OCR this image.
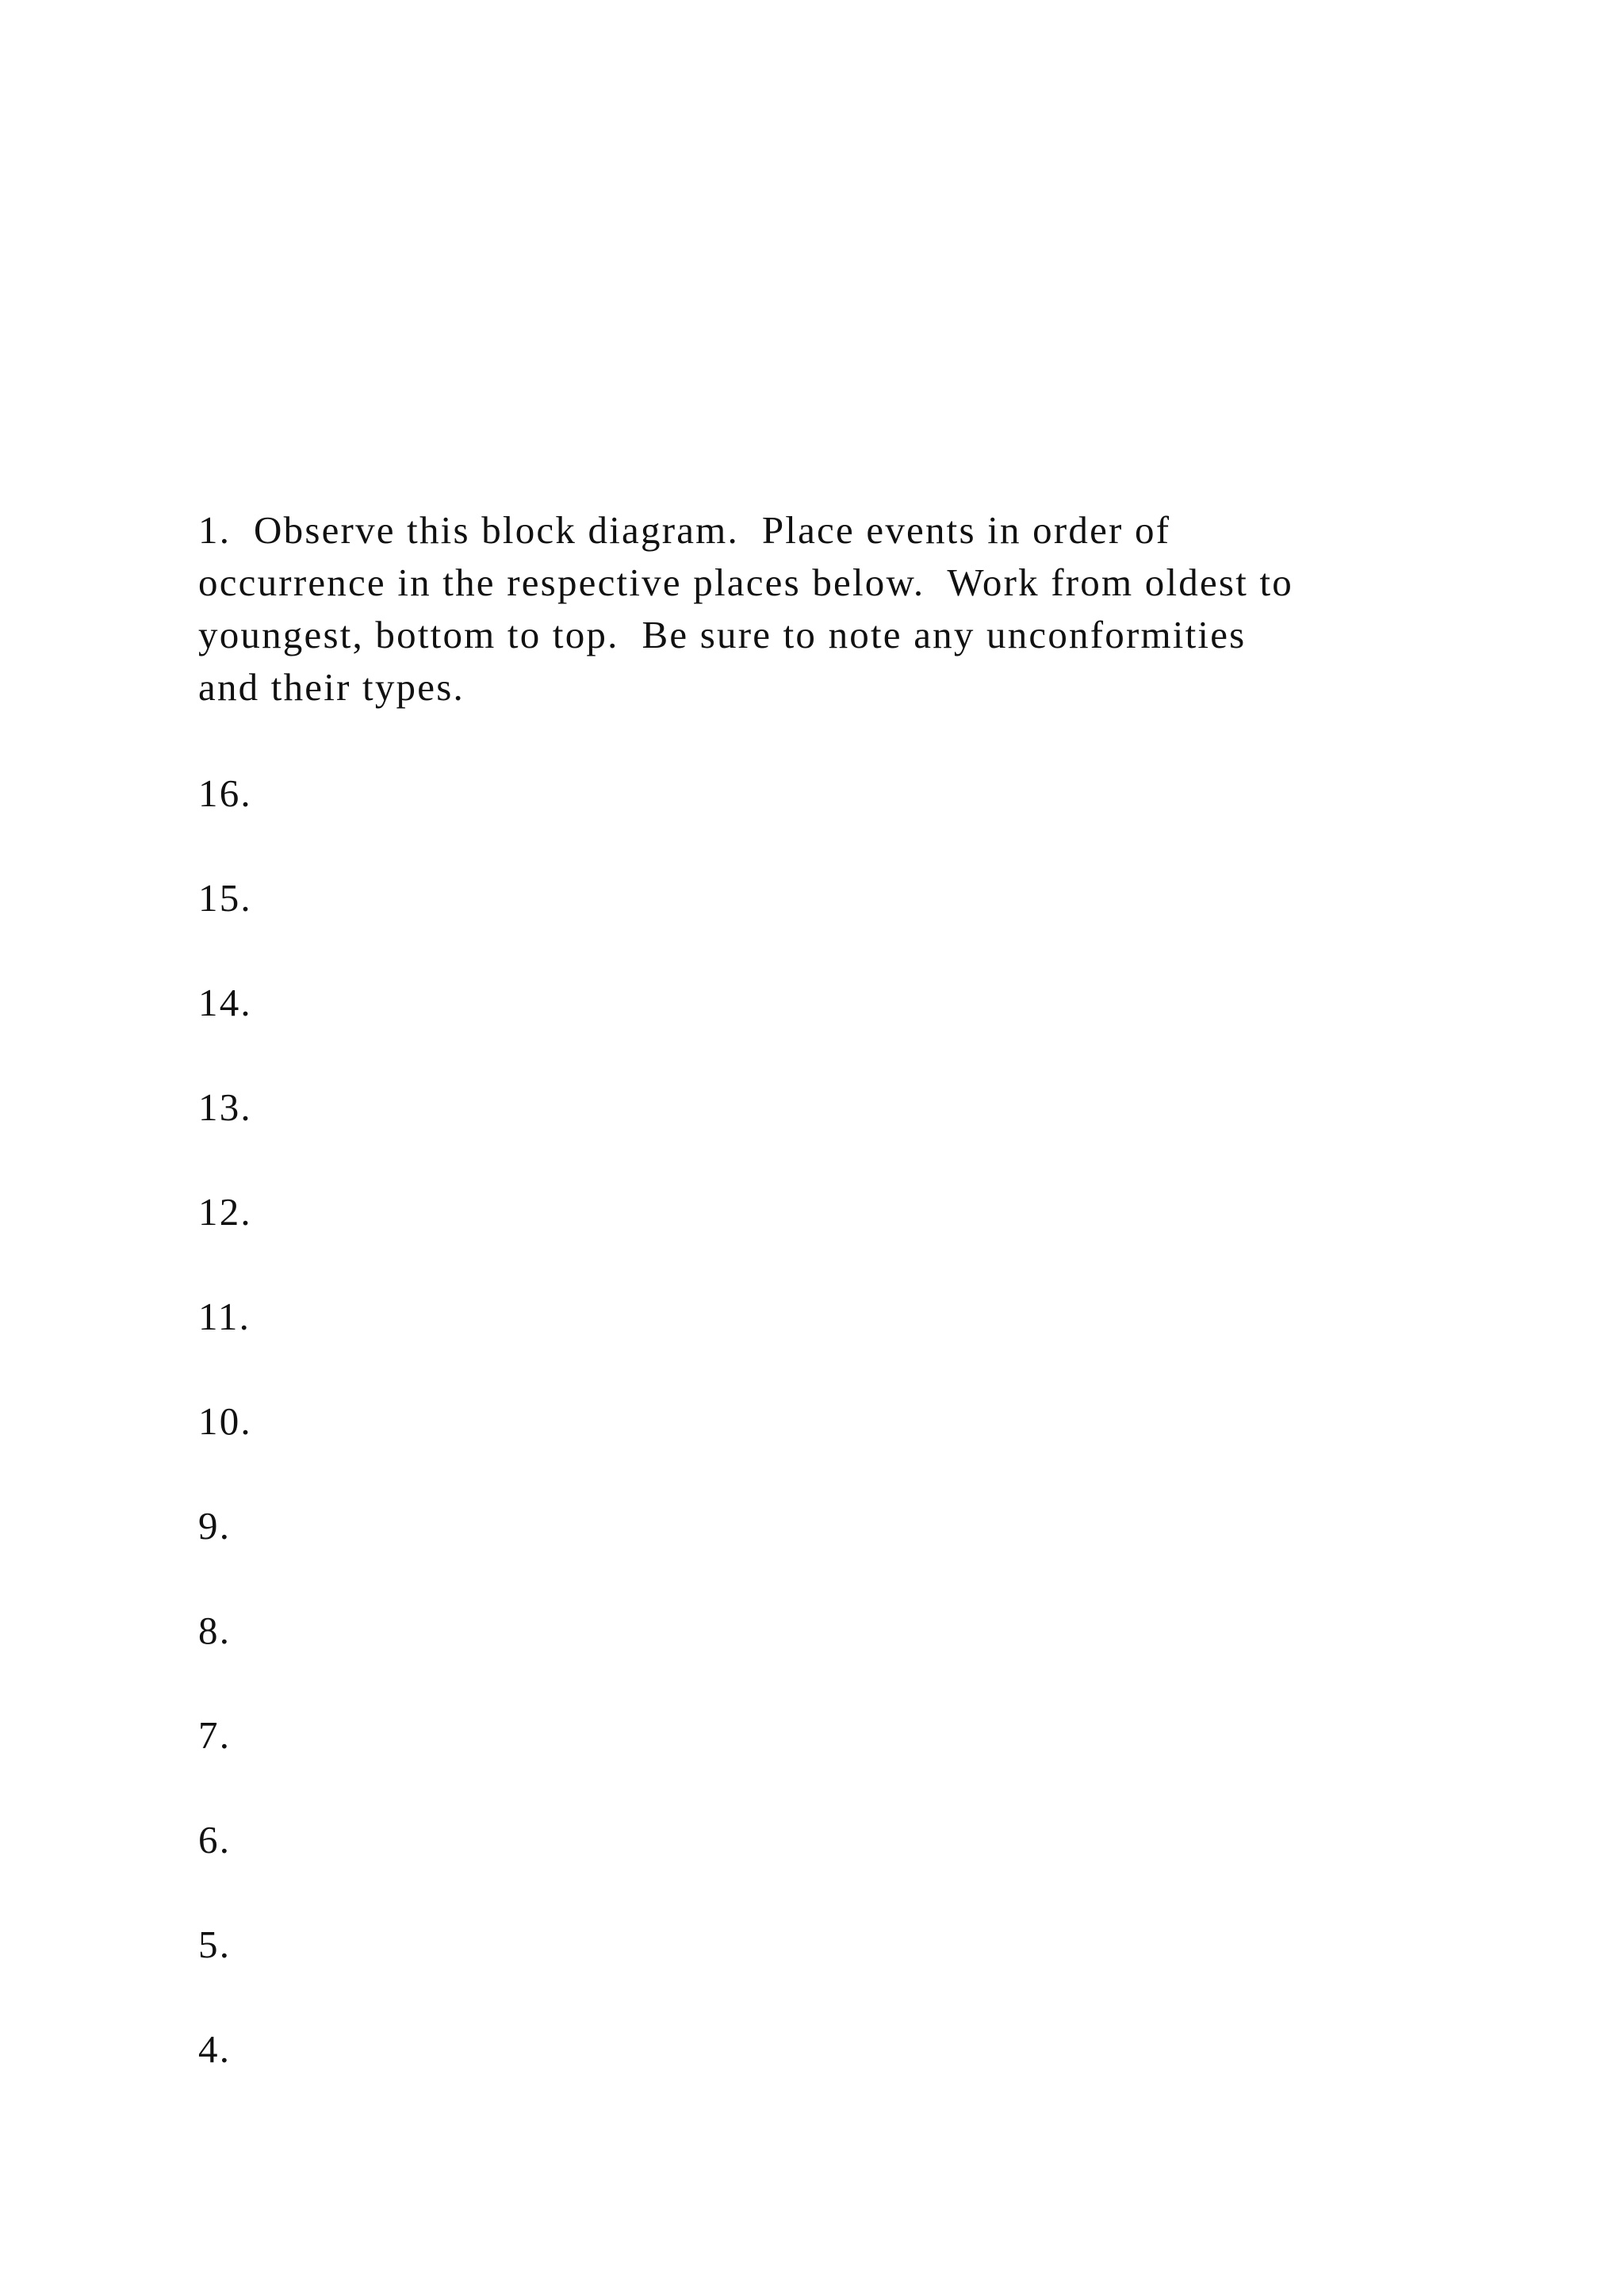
1.  Observe this block diagram.  Place events in order of
occurrence in the respective places below.  Work from oldest to
youngest, bottom to top.  Be sure to note any unconformities
and their types.
16.
15.
14.
13.
12.
11.
10.
9.
8.
7.
6.
5.
4.
